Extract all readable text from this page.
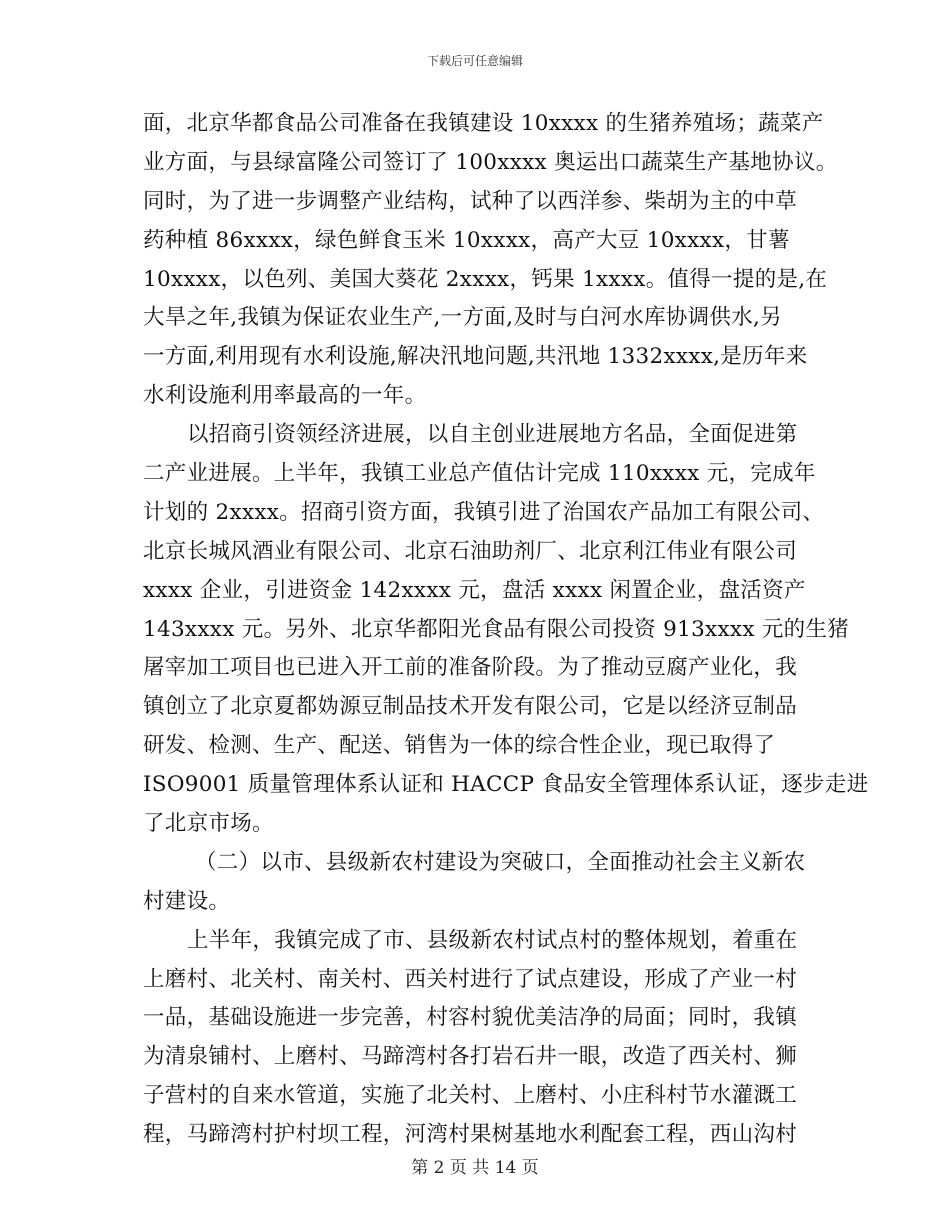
下载后可任意编辑
面，北京华都食品公司准备在我镇建设 10xxxx 的生猪养殖场；蔬菜产
业方面，与县绿富隆公司签订了 100xxxx 奥运出口蔬菜生产基地协议。
同时，为了进一步调整产业结构，试种了以西洋参、柴胡为主的中草
药种植 86xxxx，绿色鲜食玉米 10xxxx，高产大豆 10xxxx，甘薯
10xxxx，以色列、美国大葵花 2xxxx，钙果 1xxxx。值得一提的是,在
大旱之年,我镇为保证农业生产,一方面,及时与白河水库协调供水,另
一方面,利用现有水利设施,解决汛地问题,共汛地 1332xxxx,是历年来
水利设施利用率最高的一年。
以招商引资领经济进展，以自主创业进展地方名品，全面促进第
二产业进展。上半年，我镇工业总产值估计完成 110xxxx 元，完成年
计划的 2xxxx。招商引资方面，我镇引进了治国农产品加工有限公司、
北京长城风酒业有限公司、北京石油助剂厂、北京利江伟业有限公司
xxxx 企业，引进资金 142xxxx 元，盘活 xxxx 闲置企业，盘活资产
143xxxx 元。另外、北京华都阳光食品有限公司投资 913xxxx 元的生猪
屠宰加工项目也已进入开工前的准备阶段。为了推动豆腐产业化，我
镇创立了北京夏都妫源豆制品技术开发有限公司，它是以经济豆制品
研发、检测、生产、配送、销售为一体的综合性企业，现已取得了
ISO9001 质量管理体系认证和 HACCP 食品安全管理体系认证，逐步走进
了北京市场。
（二）以市、县级新农村建设为突破口，全面推动社会主义新农
村建设。
上半年，我镇完成了市、县级新农村试点村的整体规划，着重在
上磨村、北关村、南关村、西关村进行了试点建设，形成了产业一村
一品，基础设施进一步完善，村容村貌优美洁净的局面；同时，我镇
为清泉铺村、上磨村、马蹄湾村各打岩石井一眼，改造了西关村、狮
子营村的自来水管道，实施了北关村、上磨村、小庄科村节水灌溉工
程，马蹄湾村护村坝工程，河湾村果树基地水利配套工程，西山沟村
第 2 页 共 14 页
